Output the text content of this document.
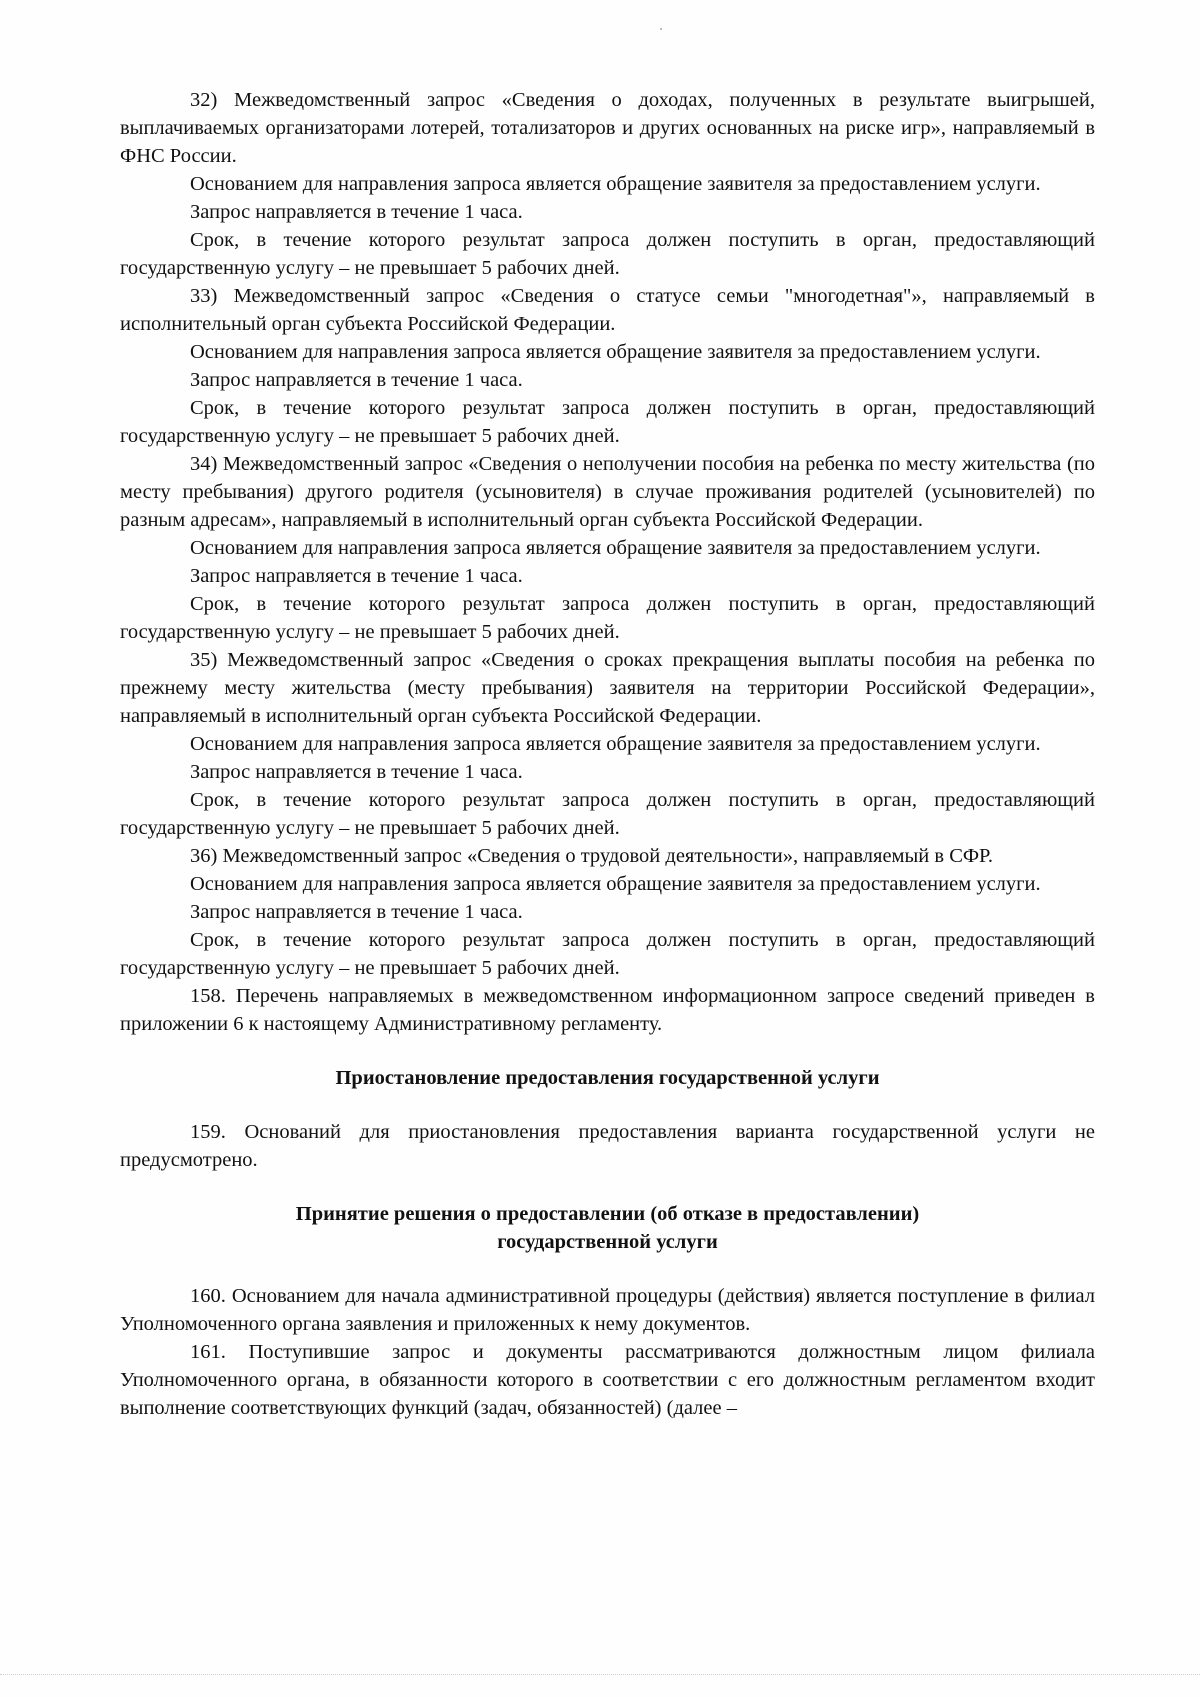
32) Межведомственный запрос «Сведения о доходах, полученных в результате выигрышей, выплачиваемых организаторами лотерей, тотализаторов и других основанных на риске игр», направляемый в ФНС России.

Основанием для направления запроса является обращение заявителя за предоставлением услуги.

Запрос направляется в течение 1 часа.

Срок, в течение которого результат запроса должен поступить в орган, предоставляющий государственную услугу – не превышает 5 рабочих дней.

33) Межведомственный запрос «Сведения о статусе семьи "многодетная"», направляемый в исполнительный орган субъекта Российской Федерации.

Основанием для направления запроса является обращение заявителя за предоставлением услуги.

Запрос направляется в течение 1 часа.

Срок, в течение которого результат запроса должен поступить в орган, предоставляющий государственную услугу – не превышает 5 рабочих дней.

34) Межведомственный запрос «Сведения о неполучении пособия на ребенка по месту жительства (по месту пребывания) другого родителя (усыновителя) в случае проживания родителей (усыновителей) по разным адресам», направляемый в исполнительный орган субъекта Российской Федерации.

Основанием для направления запроса является обращение заявителя за предоставлением услуги.

Запрос направляется в течение 1 часа.

Срок, в течение которого результат запроса должен поступить в орган, предоставляющий государственную услугу – не превышает 5 рабочих дней.

35) Межведомственный запрос «Сведения о сроках прекращения выплаты пособия на ребенка по прежнему месту жительства (месту пребывания) заявителя на территории Российской Федерации», направляемый в исполнительный орган субъекта Российской Федерации.

Основанием для направления запроса является обращение заявителя за предоставлением услуги.

Запрос направляется в течение 1 часа.

Срок, в течение которого результат запроса должен поступить в орган, предоставляющий государственную услугу – не превышает 5 рабочих дней.

36) Межведомственный запрос «Сведения о трудовой деятельности», направляемый в СФР.

Основанием для направления запроса является обращение заявителя за предоставлением услуги.

Запрос направляется в течение 1 часа.

Срок, в течение которого результат запроса должен поступить в орган, предоставляющий государственную услугу – не превышает 5 рабочих дней.

158. Перечень направляемых в межведомственном информационном запросе сведений приведен в приложении 6 к настоящему Административному регламенту.

Приостановление предоставления государственной услуги

159. Оснований для приостановления предоставления варианта государственной услуги не предусмотрено.

Принятие решения о предоставлении (об отказе в предоставлении)

государственной услуги

160. Основанием для начала административной процедуры (действия) является поступление в филиал Уполномоченного органа заявления и приложенных к нему документов.

161. Поступившие запрос и документы рассматриваются должностным лицом филиала Уполномоченного органа, в обязанности которого в соответствии с его должностным регламентом входит выполнение соответствующих функций (задач, обязанностей) (далее –
